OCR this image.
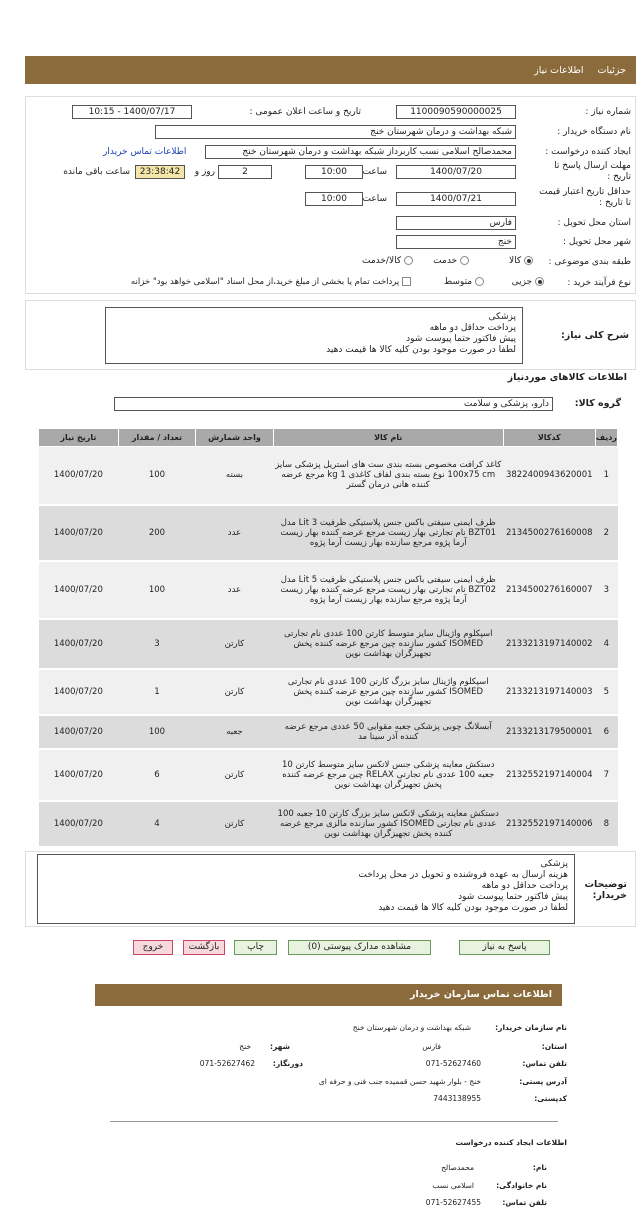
جزئیات
اطلاعات نیاز
شماره نیاز :
1100090590000025
تاریخ و ساعت اعلان عمومی :
1400/07/17 - 10:15
نام دستگاه خریدار :
شبکه بهداشت و درمان شهرستان خنج
ایجاد کننده درخواست :
محمدصالح اسلامی نسب کاربرداز شبکه بهداشت و درمان شهرستان خنج
اطلاعات تماس خریدار
مهلت ارسال پاسخ تا تاریخ :
1400/07/20
ساعت
10:00
2
روز و
23:38:42
ساعت باقی مانده
حداقل تاریخ اعتبار قیمت تا تاریخ :
1400/07/21
ساعت
10:00
استان محل تحویل :
فارس
شهر محل تحویل :
خنج
طبقه بندی موضوعی :
کالا
خدمت
کالا/خدمت
نوع فرآیند خرید :
جزیی
متوسط
پرداخت تمام یا بخشی از مبلغ خرید،از محل اسناد "اسلامی خواهد بود" خزانه
شرح کلی نیاز:
پزشکی
پرداخت حداقل دو ماهه
پیش فاکتور حتما پیوست شود
لطفا در صورت موجود بودن کلیه کالا ها قیمت دهید
اطلاعات کالاهای موردنیاز
گروه کالا:
دارو، پزشکی و سلامت
ردیف	کدکالا	نام کالا	واحد شمارش	تعداد / مقدار	تاریخ نیاز
1	3822400943620001	کاغذ کرافت مخصوص بسته بندی ست های استریل پزشکی سایز 100x75 cm نوع بسته بندی لفاف کاغذی 1 kg مرجع عرضه کننده هانی درمان گستر	بسته	100	1400/07/20
2	2134500276160008	ظرف ایمنی سیفتی باکس جنس پلاستیکی ظرفیت 3 Lit مدل BZT01 نام تجارتی بهار زیست مرجع عرضه کننده بهار زیست آرما پژوه مرجع سازنده بهار زیست آرما پژوه	عدد	200	1400/07/20
3	2134500276160007	ظرف ایمنی سیفتی باکس جنس پلاستیکی ظرفیت 5 Lit مدل BZT02 نام تجارتی بهار زیست مرجع عرضه کننده بهار زیست آرما پژوه مرجع سازنده بهار زیست آرما پژوه	عدد	100	1400/07/20
4	2133213197140002	اسپکلوم واژینال سایز متوسط کارتن 100 عددی نام تجارتی ISOMED کشور سازنده چین مرجع عرضه کننده پخش تجهیزگران بهداشت نوین	کارتن	3	1400/07/20
5	2133213197140003	اسپکلوم واژینال سایز بزرگ کارتن 100 عددی نام تجارتی ISOMED کشور سازنده چین مرجع عرضه کننده پخش تجهیزگران بهداشت نوین	کارتن	1	1400/07/20
6	2133213179500001	آبسلانگ چوبی پزشکی جعبه مقوایی 50 عددی مرجع عرضه کننده آذر سینا مد	جعبه	100	1400/07/20
7	2132552197140004	دستکش معاینه پزشکی جنس لاتکس سایز متوسط کارتن 10 جعبه 100 عددی نام تجارتی RELAX چین مرجع عرضه کننده پخش تجهیزگران بهداشت نوین	کارتن	6	1400/07/20
8	2132552197140006	دستکش معاینه پزشکی لاتکس سایز بزرگ کارتن 10 جعبه 100 عددی نام تجارتی ISOMED کشور سازنده مالزی مرجع عرضه کننده پخش تجهیزگران بهداشت نوین	کارتن	4	1400/07/20
توضیحات خریدار:
پزشکی
هزینه ارسال به عهده فروشنده و تحویل در محل پرداخت
پرداخت حداقل دو ماهه
پیش فاکتور حتما پیوست شود
لطفا در صورت موجود بودن کلیه کالا ها قیمت دهید
پاسخ به نیاز
مشاهده مدارک پیوستی (0)
چاپ
بازگشت
خروج
اطلاعات تماس سازمان خریدار
نام سازمان خریدار:
شبکه بهداشت و درمان شهرستان خنج
استان:
فارس
شهر:
خنج
تلفن تماس:
071-52627460
دورنگار:
071-52627462
آدرس پستی:
خنج - بلوار شهید حسن قممیده جنب فنی و حرفه ای
کدپستی:
7443138955
اطلاعات ایجاد کننده درخواست
نام:
محمدصالح
نام خانوادگی:
اسلامی نسب
تلفن تماس:
071-52627455
